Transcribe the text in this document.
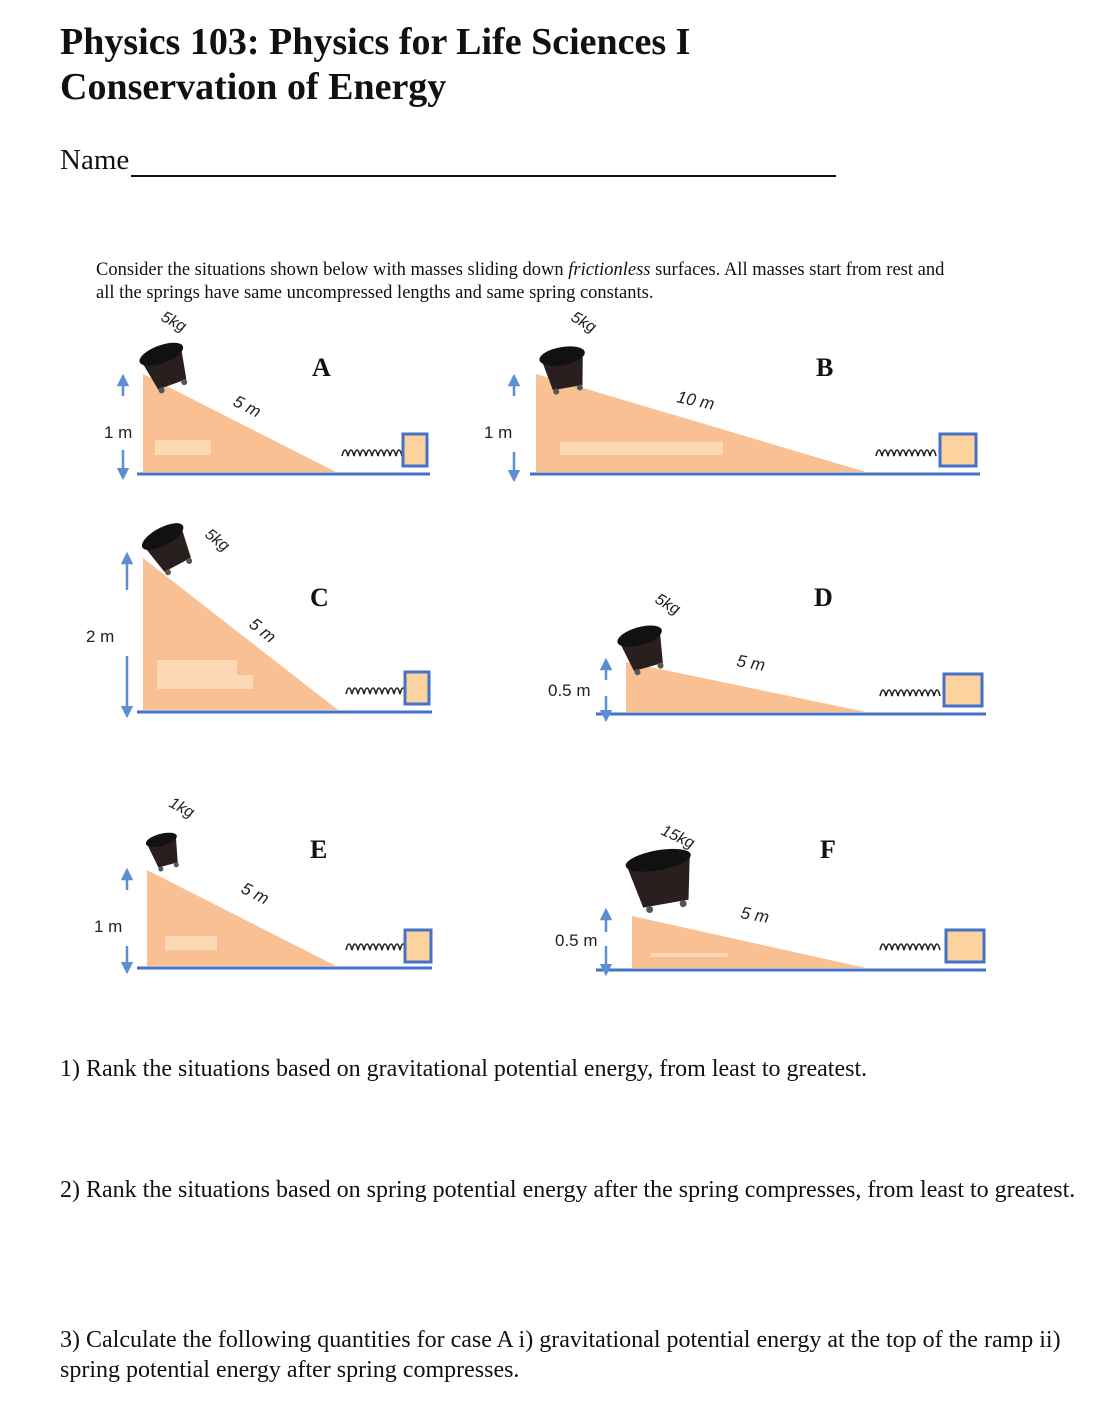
Physics 103: Physics for Life Sciences I
Conservation of Energy
Name

Consider the situations shown below with masses sliding down frictionless surfaces. All masses start from rest and all the springs have same uncompressed lengths and same spring constants.

1 m
5 m
5kg
A
1 m
10 m
5kg
B
2 m	5 m
5kg
C
0.5 m
5 m
5kg	D
1 m
5 m
1kg
E
0.5 m
5 m
15kg	F

1) Rank the situations based on gravitational potential energy, from least to greatest.

2) Rank the situations based on spring potential energy after the spring compresses, from least to greatest.

3) Calculate the following quantities for case A i) gravitational potential energy at the top of the ramp ii) spring potential energy after spring compresses.
